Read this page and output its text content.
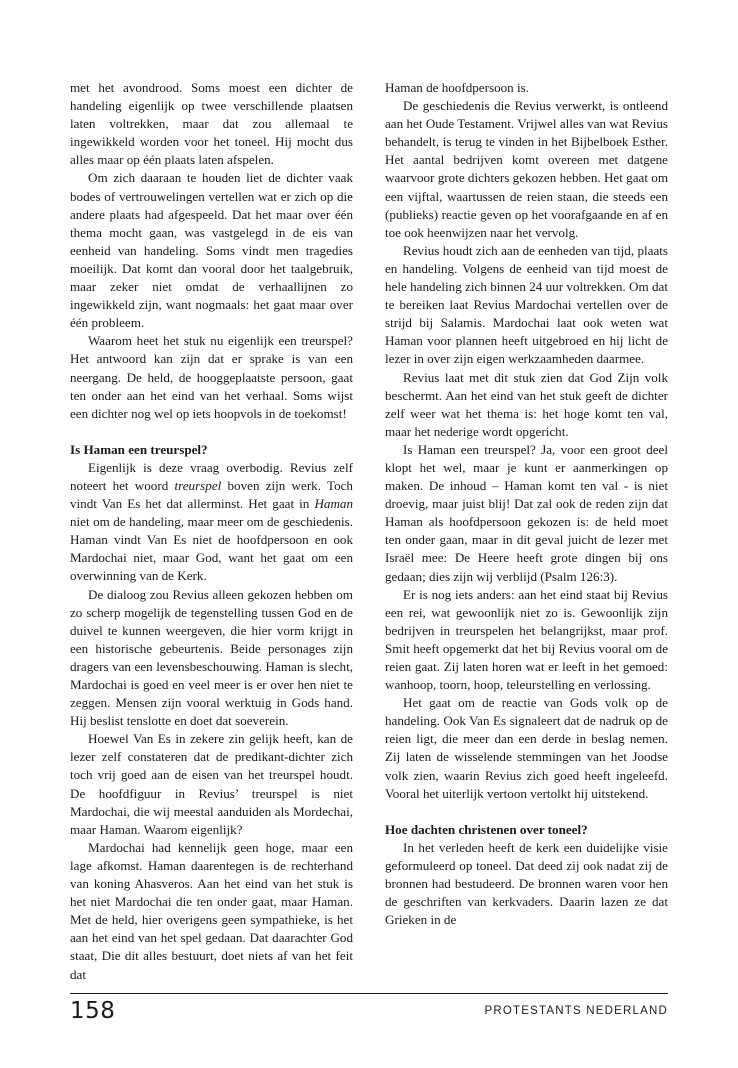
met het avondrood. Soms moest een dichter de handeling eigenlijk op twee verschillende plaatsen laten voltrekken, maar dat zou allemaal te ingewikkeld worden voor het toneel. Hij mocht dus alles maar op één plaats laten afspelen.

Om zich daaraan te houden liet de dichter vaak bodes of vertrouwelingen vertellen wat er zich op die andere plaats had afgespeeld. Dat het maar over één thema mocht gaan, was vastgelegd in de eis van eenheid van handeling. Soms vindt men tragedies moeilijk. Dat komt dan vooral door het taalgebruik, maar zeker niet omdat de verhaallijnen zo ingewikkeld zijn, want nogmaals: het gaat maar over één probleem.

Waarom heet het stuk nu eigenlijk een treurspel? Het antwoord kan zijn dat er sprake is van een neergang. De held, de hooggeplaatste persoon, gaat ten onder aan het eind van het verhaal. Soms wijst een dichter nog wel op iets hoopvols in de toekomst!

Is Haman een treurspel?

Eigenlijk is deze vraag overbodig. Revius zelf noteert het woord treurspel boven zijn werk. Toch vindt Van Es het dat allerminst. Het gaat in Haman niet om de handeling, maar meer om de geschiedenis. Haman vindt Van Es niet de hoofdpersoon en ook Mardochai niet, maar God, want het gaat om een overwinning van de Kerk.

De dialoog zou Revius alleen gekozen hebben om zo scherp mogelijk de tegenstelling tussen God en de duivel te kunnen weergeven, die hier vorm krijgt in een historische gebeurtenis. Beide personages zijn dragers van een levensbeschouwing. Haman is slecht, Mardochai is goed en veel meer is er over hen niet te zeggen. Mensen zijn vooral werktuig in Gods hand. Hij beslist tenslotte en doet dat soeverein.

Hoewel Van Es in zekere zin gelijk heeft, kan de lezer zelf constateren dat de predikant-dichter zich toch vrij goed aan de eisen van het treurspel houdt. De hoofdfiguur in Revius’ treurspel is niet Mardochai, die wij meestal aanduiden als Mordechai, maar Haman. Waarom eigenlijk?

Mardochai had kennelijk geen hoge, maar een lage afkomst. Haman daarentegen is de rechterhand van koning Ahasveros. Aan het eind van het stuk is het niet Mardochai die ten onder gaat, maar Haman. Met de held, hier overigens geen sympathieke, is het aan het eind van het spel gedaan. Dat daarachter God staat, Die dit alles bestuurt, doet niets af van het feit dat

Haman de hoofdpersoon is.

De geschiedenis die Revius verwerkt, is ontleend aan het Oude Testament. Vrijwel alles van wat Revius behandelt, is terug te vinden in het Bijbelboek Esther. Het aantal bedrijven komt overeen met datgene waarvoor grote dichters gekozen hebben. Het gaat om een vijftal, waartussen de reien staan, die steeds een (publieks) reactie geven op het voorafgaande en af en toe ook heenwijzen naar het vervolg.

Revius houdt zich aan de eenheden van tijd, plaats en handeling. Volgens de eenheid van tijd moest de hele handeling zich binnen 24 uur voltrekken. Om dat te bereiken laat Revius Mardochai vertellen over de strijd bij Salamis. Mardochai laat ook weten wat Haman voor plannen heeft uitgebroed en hij licht de lezer in over zijn eigen werkzaamheden daarmee.

Revius laat met dit stuk zien dat God Zijn volk beschermt. Aan het eind van het stuk geeft de dichter zelf weer wat het thema is: het hoge komt ten val, maar het nederige wordt opgericht.

Is Haman een treurspel? Ja, voor een groot deel klopt het wel, maar je kunt er aanmerkingen op maken. De inhoud – Haman komt ten val - is niet droevig, maar juist blij! Dat zal ook de reden zijn dat Haman als hoofdpersoon gekozen is: de held moet ten onder gaan, maar in dit geval juicht de lezer met Israël mee: De Heere heeft grote dingen bij ons gedaan; dies zijn wij verblijd (Psalm 126:3).

Er is nog iets anders: aan het eind staat bij Revius een rei, wat gewoonlijk niet zo is. Gewoonlijk zijn bedrijven in treurspelen het belangrijkst, maar prof. Smit heeft opgemerkt dat het bij Revius vooral om de reien gaat. Zij laten horen wat er leeft in het gemoed: wanhoop, toorn, hoop, teleurstelling en verlossing.

Het gaat om de reactie van Gods volk op de handeling. Ook Van Es signaleert dat de nadruk op de reien ligt, die meer dan een derde in beslag nemen. Zij laten de wisselende stemmingen van het Joodse volk zien, waarin Revius zich goed heeft ingeleefd. Vooral het uiterlijk vertoon vertolkt hij uitstekend.

Hoe dachten christenen over toneel?

In het verleden heeft de kerk een duidelijke visie geformuleerd op toneel. Dat deed zij ook nadat zij de bronnen had bestudeerd. De bronnen waren voor hen de geschriften van kerkvaders. Daarin lazen ze dat Grieken in de

158	PROTESTANTS NEDERLAND
